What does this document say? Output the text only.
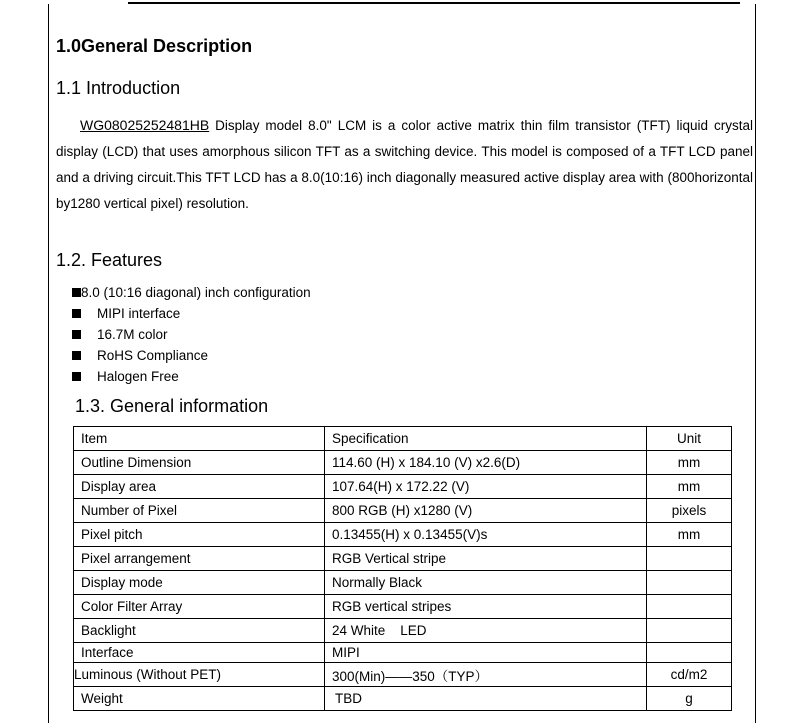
1.0General Description
1.1 Introduction
WG08025252481HB Display model 8.0" LCM is a color active matrix thin film transistor (TFT) liquid crystal display (LCD) that uses amorphous silicon TFT as a switching device. This model is composed of a TFT LCD panel and a driving circuit.This TFT LCD has a 8.0(10:16) inch diagonally measured active display area with (800horizontal by1280 vertical pixel) resolution.
1.2. Features
8.0 (10:16 diagonal) inch configuration
MIPI interface
16.7M color
RoHS Compliance
Halogen Free
1.3. General information
Item	Specification	Unit
Outline Dimension	114.60 (H) x 184.10 (V) x2.6(D)	mm
Display area	107.64(H) x 172.22 (V)	mm
Number of Pixel	800 RGB (H) x1280 (V)	pixels
Pixel pitch	0.13455(H) x 0.13455(V)s	mm
Pixel arrangement	RGB Vertical stripe	
Display mode	Normally Black	
Color Filter Array	RGB vertical stripes	
Backlight	24 White    LED	
Interface	MIPI	
Luminous (Without PET)	300(Min)——350（TYP）	cd/m2
Weight	TBD	g
